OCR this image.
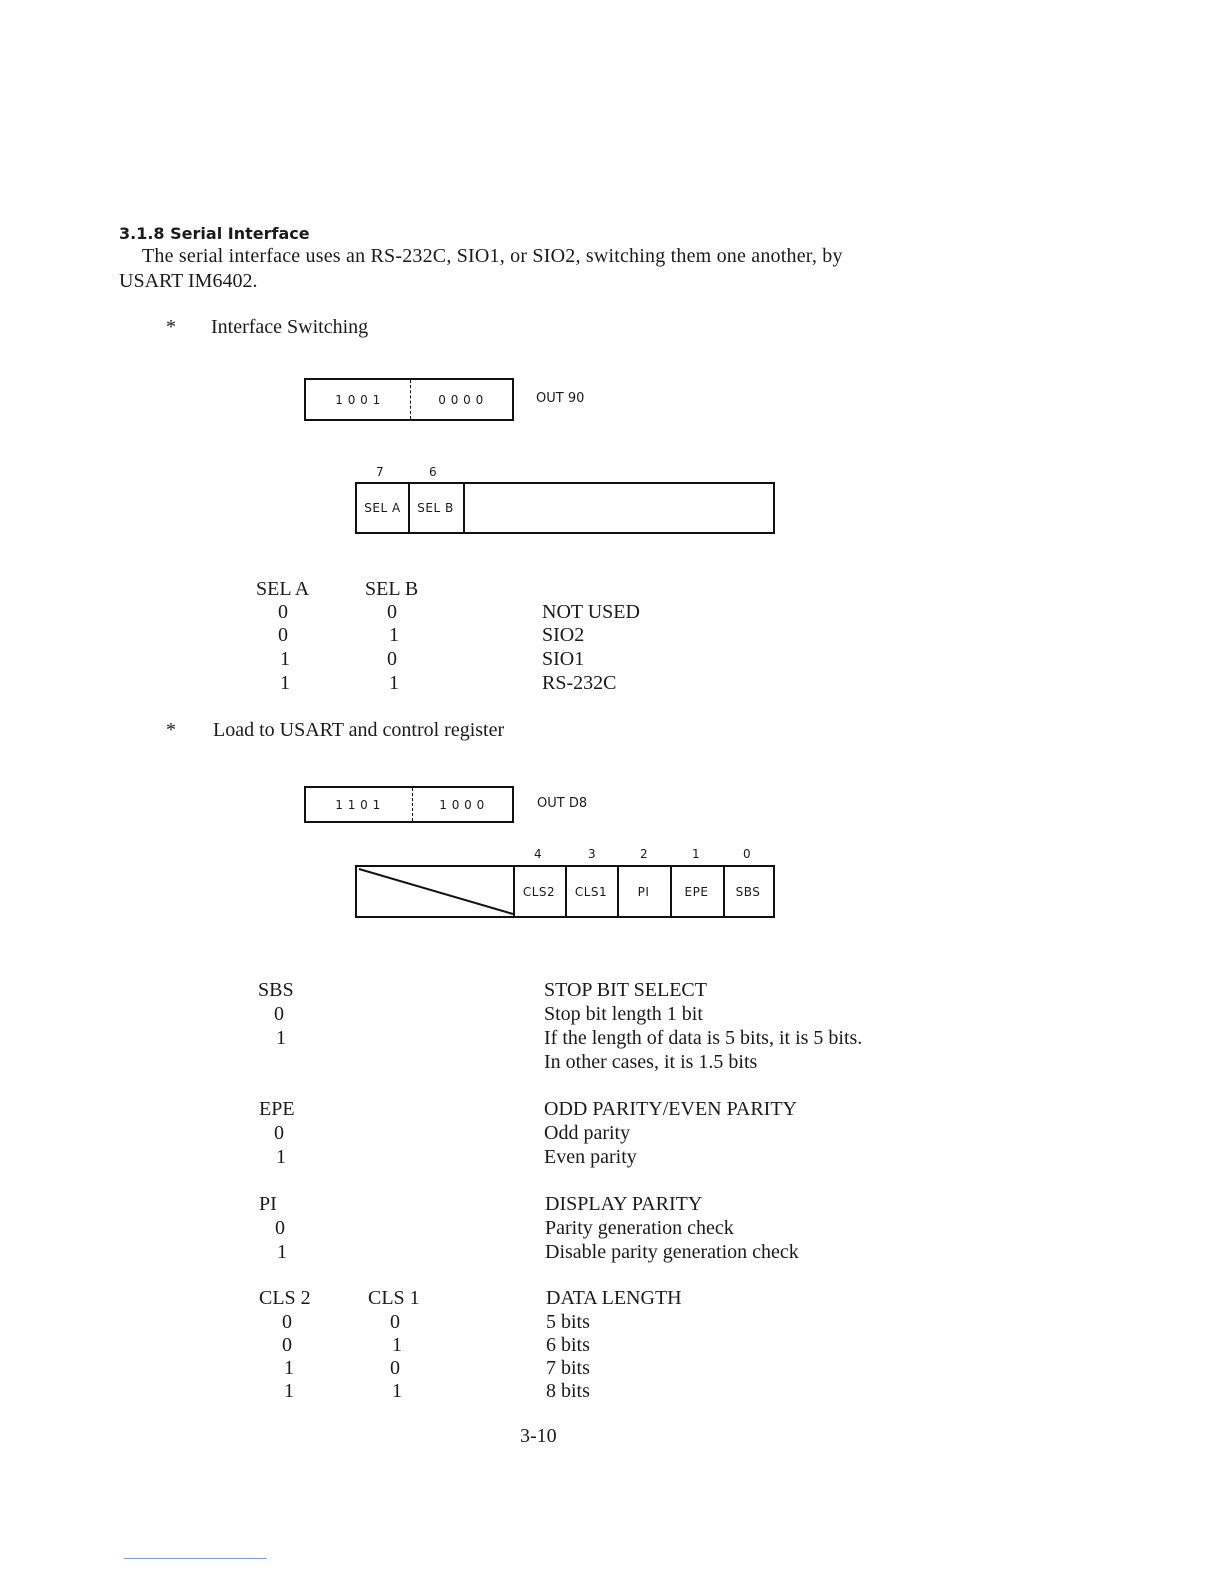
3.1.8 Serial Interface
The serial interface uses an RS-232C, SIO1, or SIO2, switching them one another, by
USART IM6402.
* Interface Switching
1 0 0 1	0 0 0 0	OUT 90
7	6
SEL A	SEL B
SEL A	SEL B
0	0	NOT USED
0	1	SIO2
1	0	SIO1
1	1	RS-232C
* Load to USART and control register
1 1 0 1	1 0 0 0	OUT D8
4	3	2	1	0
CLS2	CLS1	PI	EPE	SBS
SBS	STOP BIT SELECT
0	Stop bit length 1 bit
1	If the length of data is 5 bits, it is 5 bits.
In other cases, it is 1.5 bits
EPE	ODD PARITY/EVEN PARITY
0	Odd parity
1	Even parity
PI	DISPLAY PARITY
0	Parity generation check
1	Disable parity generation check
CLS 2	CLS 1	DATA LENGTH
0	0	5 bits
0	1	6 bits
1	0	7 bits
1	1	8 bits
3-10
